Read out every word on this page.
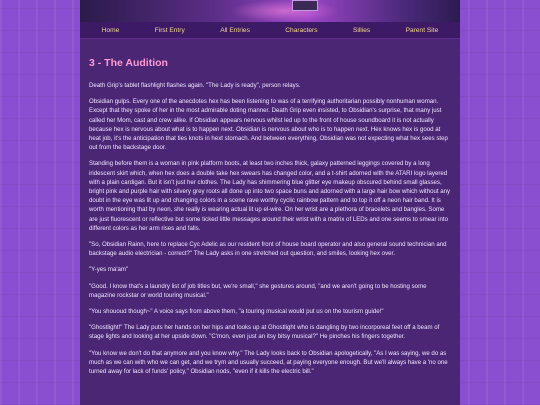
Home	First Entry	All Entries	Characters	Sillies	Parent Site
3 - The Audition

Death Grip's tablet flashlight flashes again. "The Lady is ready", person relays.

Obsidian gulps. Every one of the anecdotes hex has been listening to was of a terrifying authoritarian possibly nonhuman woman. Except that they spoke of her in the most admirable doting manner. Death Grip even insisted, to Obsidian's surprise, that many just called her Mom, cast and crew alike. If Obsidian appears nervous whilst led up to the front of house soundboard it is not actually because hex is nervous about what is to happen next. Obsidian is nervous about who is to happen next. Hex knows hex is good at heat job, it's the anticipation that ties knots in hext stomach. And between everything, Obsidian was not expecting what hex sees step out from the backstage door.

Standing before them is a woman in pink platform boots, at least two inches thick, galaxy patterned leggings covered by a long iridescent skirt which, when hex does a double take hex swears has changed color, and a t-shirt adorned with the ATARI logo layered with a plain cardigan. But it isn't just her clothes. The Lady has shimmering blue glitter eye makeup obscured behind small glasses, bright pink and purple hair with silvery grey roots all done up into two space buns and adorned with a large hair bow which without any doubt in the eye was lit up and changing colors in a scene rave worthy cyclic rainbow pattern and to top it off a neon hair band. It is worth mentioning that by neon, she really is wearing actual lit up el-wire. On her wrist are a plethora of bracelets and bangles. Some are just fluorescent or reflective but some ticked little messages around their wrist with a matrix of LEDs and one seems to smear into different colors as her arm rises and falls.

"So, Obsidian Rainn, here to replace Cyc Adelic as our resident front of house board operator and also general sound technician and backstage audio electrician - correct?" The Lady asks in one stretched out question, and smiles, looking hex over.

"Y-yes ma'am"

"Good. I know that's a laundry list of job titles but, we're small," she gestures around, "and we aren't going to be hosting some magazine rockstar or world touring musical."

"You shououd though~" A voice says from above them, "a touring musical would put us on the tourism guide!"

"Ghostlight!" The Lady puts her hands on her hips and looks up at Ghostlight who is dangling by two incorporeal feet off a beam of stage lights and looking at her upside down. "C'mon, even just an itsy bitsy musical?" He pinches his fingers together.

"You know we don't do that anymore and you know why." The Lady looks back to Obsidian apologetically, "As I was saying, we do as much as we can with who we can get, and we trym and usually succeed, at paying everyone enough. But we'll always have a 'no one turned away for lack of funds' policy," Obsidian nods, "even if it kills the electric bill."
